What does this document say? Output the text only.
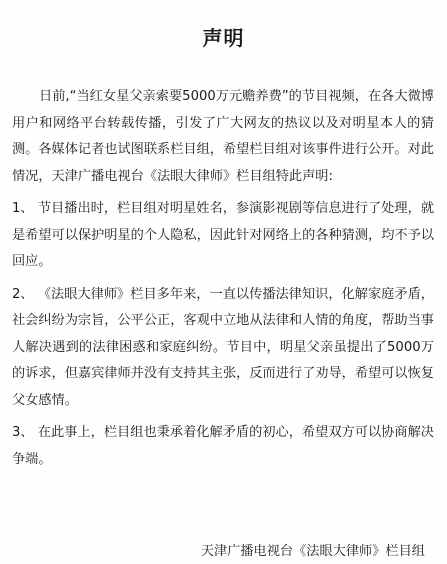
声明

日前,“当红女星父亲索要5000万元赡养费”的节目视频，在各大微博用户和网络平台转载传播，引发了广大网友的热议以及对明星本人的猜测。各媒体记者也试图联系栏目组，希望栏目组对该事件进行公开。对此情况，天津广播电视台《法眼大律师》栏目组特此声明:

1、 节目播出时，栏目组对明星姓名，参演影视剧等信息进行了处理，就是希望可以保护明星的个人隐私，因此针对网络上的各种猜测，均不予以回应。

2、 《法眼大律师》栏目多年来，一直以传播法律知识，化解家庭矛盾，社会纠纷为宗旨，公平公正，客观中立地从法律和人情的角度，帮助当事人解决遇到的法律困惑和家庭纠纷。节目中，明星父亲虽提出了5000万的诉求，但嘉宾律师并没有支持其主张，反而进行了劝导，希望可以恢复父女感情。

3、 在此事上，栏目组也秉承着化解矛盾的初心，希望双方可以协商解决争端。

天津广播电视台《法眼大律师》栏目组
